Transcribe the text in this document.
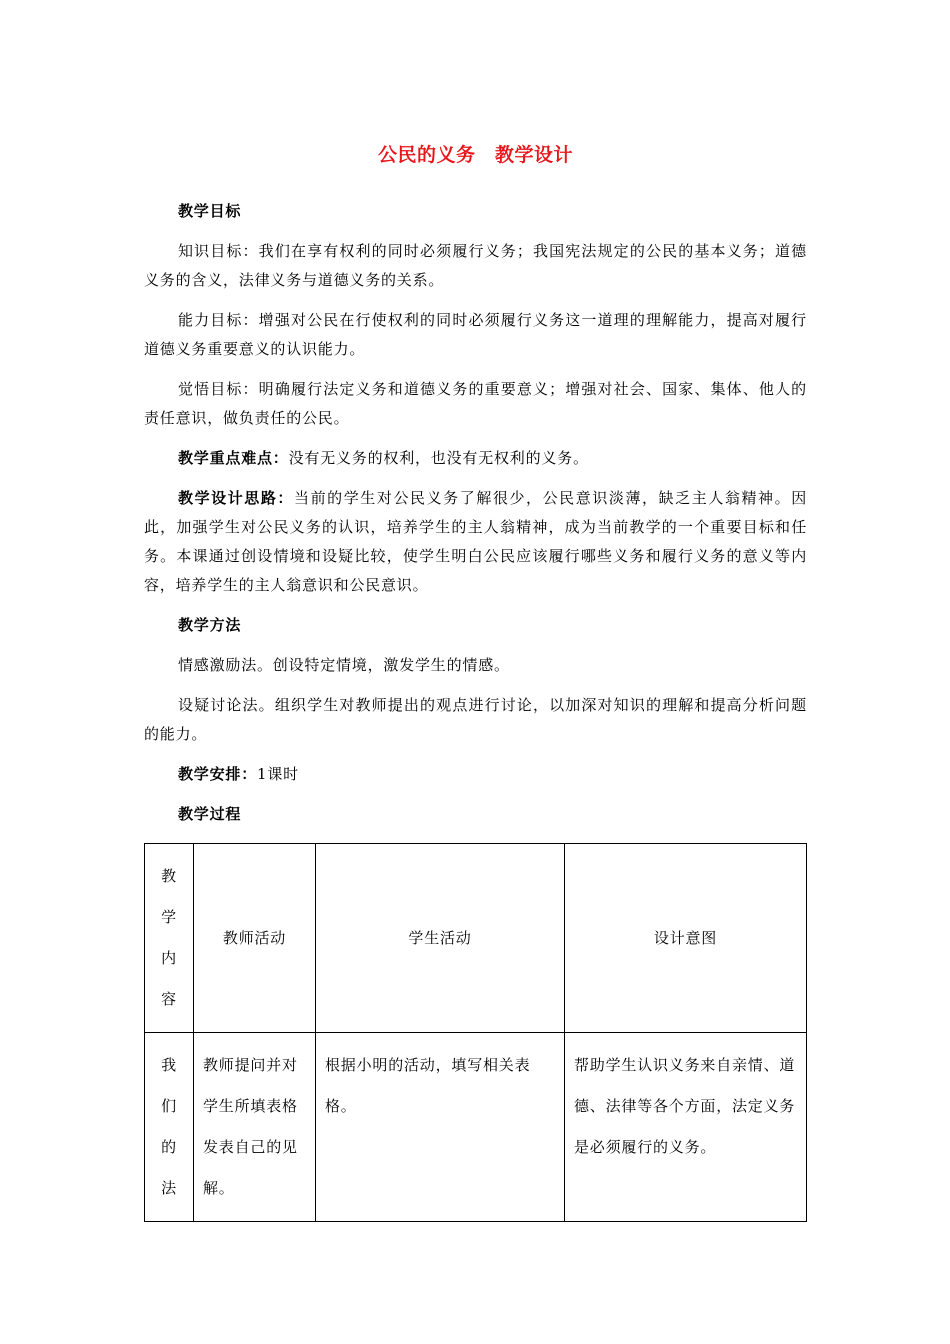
公民的义务　教学设计

教学目标

知识目标：我们在享有权利的同时必须履行义务；我国宪法规定的公民的基本义务；道德义务的含义，法律义务与道德义务的关系。

能力目标：增强对公民在行使权利的同时必须履行义务这一道理的理解能力，提高对履行道德义务重要意义的认识能力。

觉悟目标：明确履行法定义务和道德义务的重要意义；增强对社会、国家、集体、他人的责任意识，做负责任的公民。

教学重点难点：没有无义务的权利，也没有无权利的义务。

教学设计思路：当前的学生对公民义务了解很少，公民意识淡薄，缺乏主人翁精神。因此，加强学生对公民义务的认识，培养学生的主人翁精神，成为当前教学的一个重要目标和任务。本课通过创设情境和设疑比较，使学生明白公民应该履行哪些义务和履行义务的意义等内容，培养学生的主人翁意识和公民意识。

教学方法

情感激励法。创设特定情境，激发学生的情感。

设疑讨论法。组织学生对教师提出的观点进行讨论，以加深对知识的理解和提高分析问题的能力。

教学安排：1课时

教学过程

教
学
内
容	教师活动	学生活动	设计意图

我
们
的
法	教师提问并对学生所填表格发表自己的见解。	根据小明的活动，填写相关表格。	帮助学生认识义务来自亲情、道德、法律等各个方面，法定义务是必须履行的义务。
